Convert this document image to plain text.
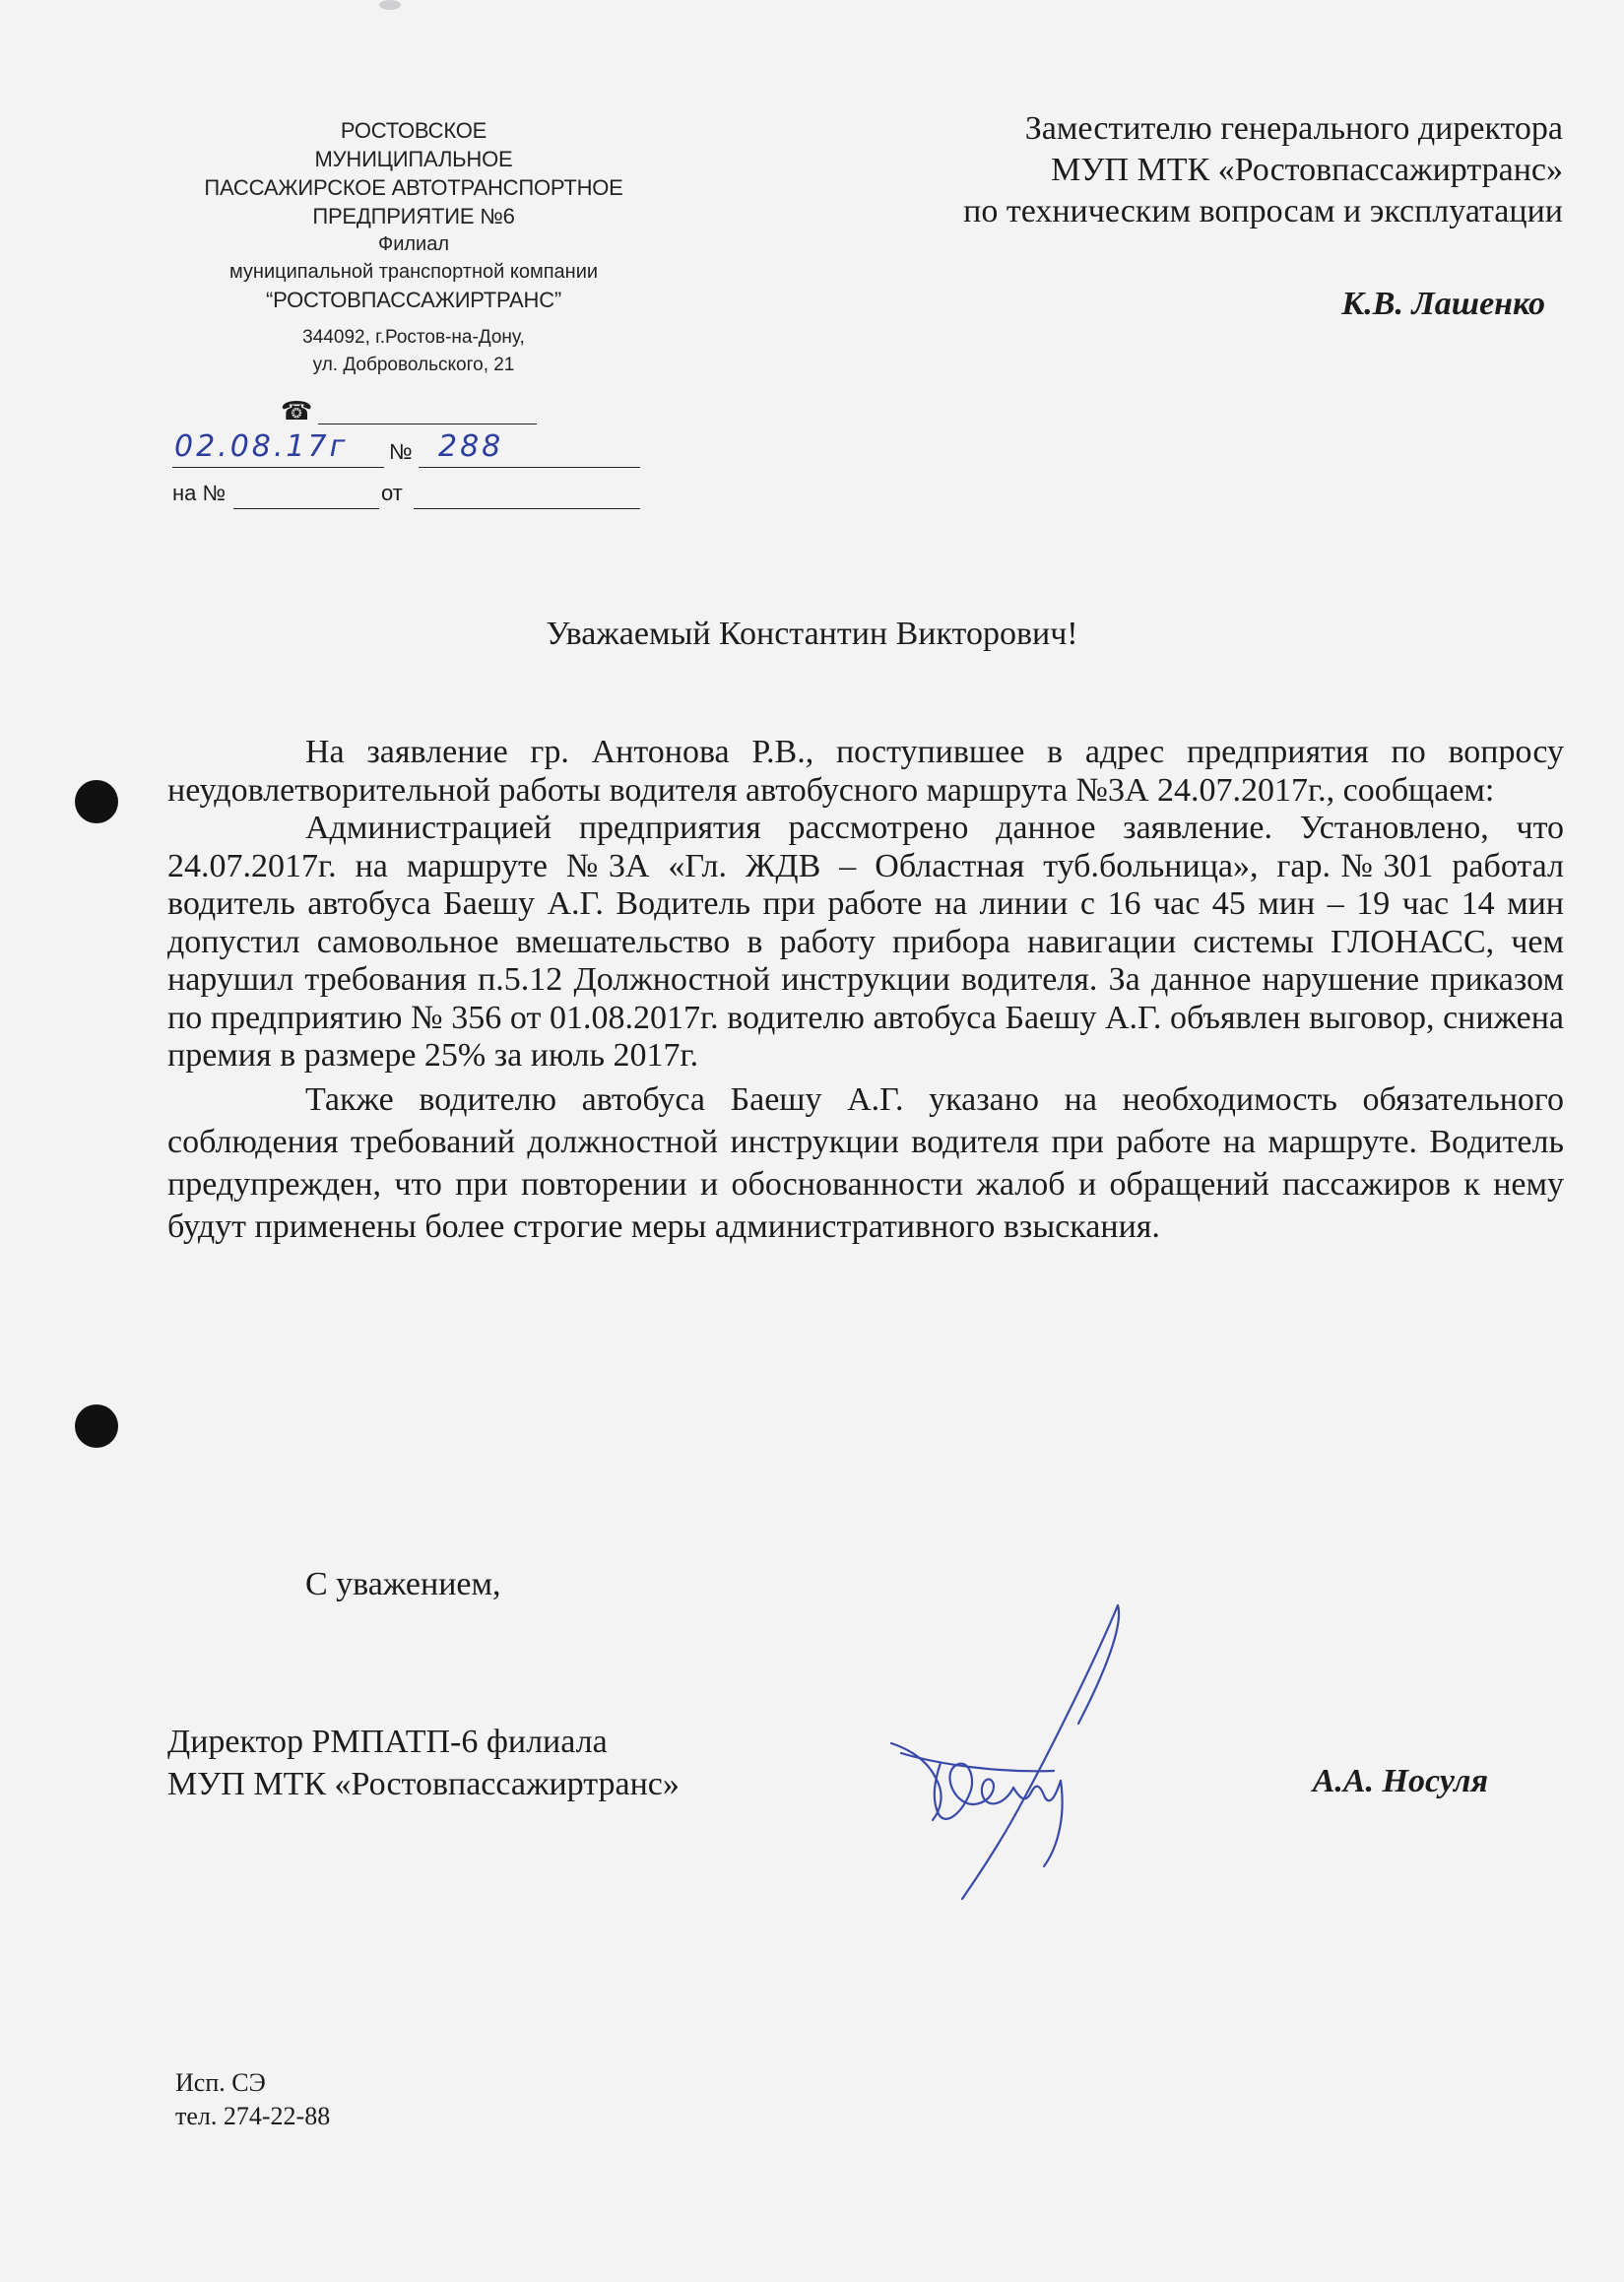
РОСТОВСКОЕ
МУНИЦИПАЛЬНОЕ
ПАССАЖИРСКОЕ АВТОТРАНСПОРТНОЕ
ПРЕДПРИЯТИЕ №6
Филиал
муниципальной транспортной компании
“РОСТОВПАССАЖИРТРАНС”
344092, г.Ростов-на-Дону,
ул. Добровольского, 21
☎
02.08.17г № 288
на №	от
Заместителю генерального директора
МУП МТК «Ростовпассажиртранс»
по техническим вопросам и эксплуатации
К.В. Лашенко
Уважаемый Константин Викторович!

На заявление гр. Антонова Р.В., поступившее в адрес предприятия по вопросу неудовлетворительной работы водителя автобусного маршрута №3А 24.07.2017г., сообщаем:

Администрацией предприятия рассмотрено данное заявление. Установлено, что 24.07.2017г. на маршруте №3А «Гл. ЖДВ – Областная туб.больница», гар.№301 работал водитель автобуса Баешу А.Г. Водитель при работе на линии с 16 час 45 мин – 19 час 14 мин допустил самовольное вмешательство в работу прибора навигации системы ГЛОНАСС, чем нарушил требования п.5.12 Должностной инструкции водителя. За данное нарушение приказом по предприятию № 356 от 01.08.2017г. водителю автобуса Баешу А.Г. объявлен выговор, снижена премия в размере 25% за июль 2017г.

Также водителю автобуса Баешу А.Г. указано на необходимость обязательного соблюдения требований должностной инструкции водителя при работе на маршруте. Водитель предупрежден, что при повторении и обоснованности жалоб и обращений пассажиров к нему будут применены более строгие меры административного взыскания.

С уважением,
Директор РМПАТП-6 филиала
МУП МТК «Ростовпассажиртранс»	А.А. Носуля
Исп. СЭ
тел. 274-22-88
